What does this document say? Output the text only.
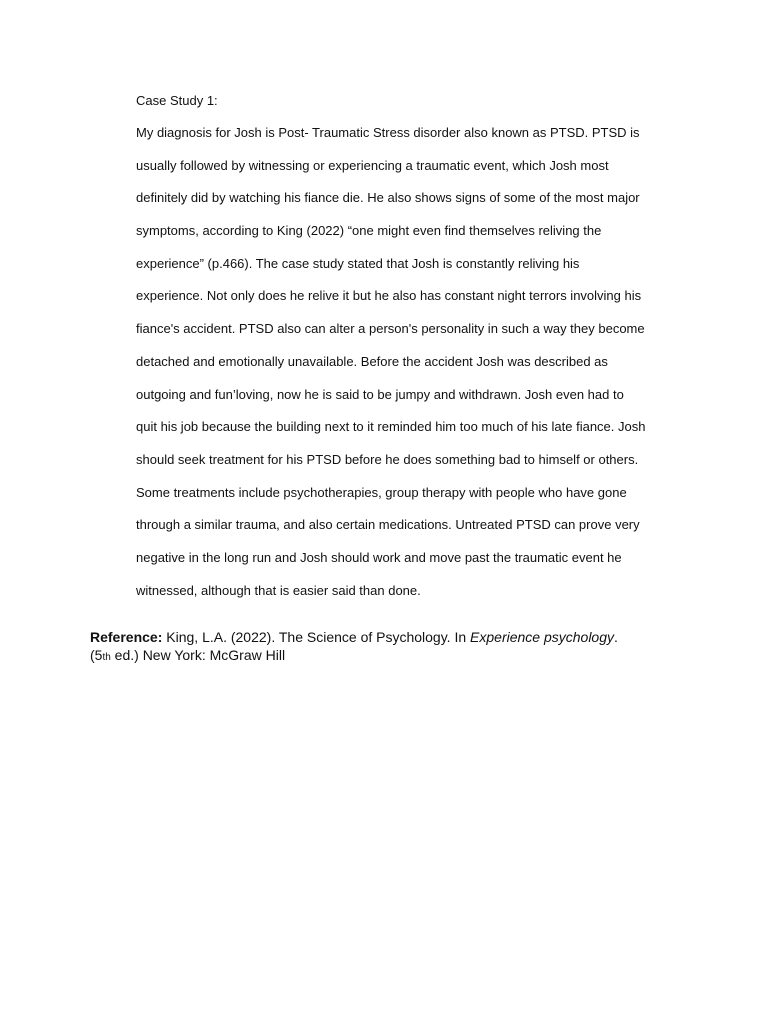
Case Study 1:
My diagnosis for Josh is Post- Traumatic Stress disorder also known as PTSD. PTSD is
usually followed by witnessing or experiencing a traumatic event, which Josh most
definitely did by watching his fiance die. He also shows signs of some of the most major
symptoms, according to King (2022) “one might even find themselves reliving the
experience” (p.466). The case study stated that Josh is constantly reliving his
experience. Not only does he relive it but he also has constant night terrors involving his
fiance's accident. PTSD also can alter a person's personality in such a way they become
detached and emotionally unavailable. Before the accident Josh was described as
outgoing and fun’loving, now he is said to be jumpy and withdrawn. Josh even had to
quit his job because the building next to it reminded him too much of his late fiance. Josh
should seek treatment for his PTSD before he does something bad to himself or others.
Some treatments include psychotherapies, group therapy with people who have gone
through a similar trauma, and also certain medications. Untreated PTSD can prove very
negative in the long run and Josh should work and move past the traumatic event he
witnessed, although that is easier said than done.
Reference: King, L.A. (2022). The Science of Psychology. In Experience psychology.
(5th ed.) New York: McGraw Hill
